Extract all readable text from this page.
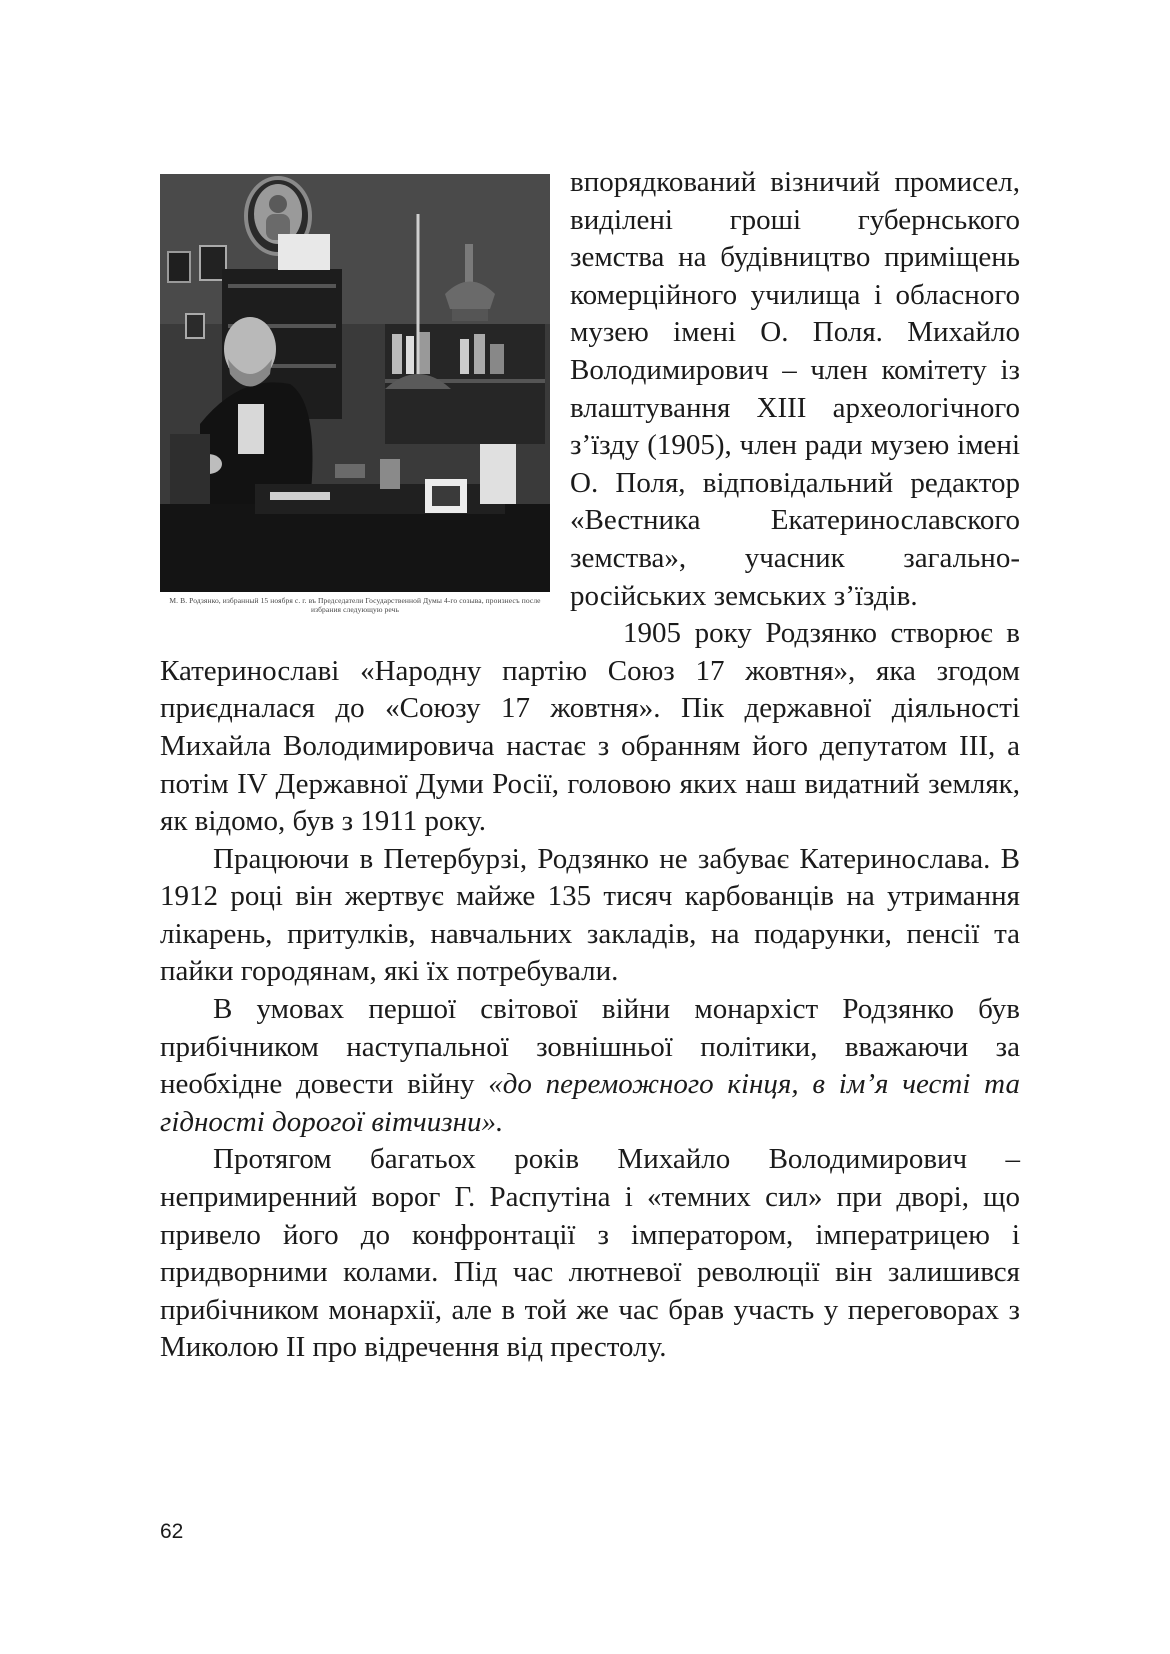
М. В. Родзянко, избранный 15 ноября с. г. въ Председатели Государственной Думы 4-го созыва, произнесъ после избрания следующую речь

впорядкований візничий промисел, виділені гроші губернського земства на будівництво приміщень комерційного училища і обласного музею імені О. Поля. Михайло Володимирович – член комітету із влаштування XIII археологічного з’їзду (1905), член ради музею імені О. Поля, відповідальний редактор «Вестника Екатеринославского земства», учасник загальноросійських земських з’їздів.

1905 року Родзянко створює в Катеринославі «Народну партію Союз 17 жовтня», яка згодом приєдналася до «Союзу 17 жовтня». Пік державної діяльності Михайла Володимировича настає з обранням його депутатом III, а потім IV Державної Думи Росії, головою яких наш видатний земляк, як відомо, був з 1911 року.

Працюючи в Петербурзі, Родзянко не забуває Катеринослава. В 1912 році він жертвує майже 135 тисяч карбованців на утримання лікарень, притулків, навчальних закладів, на подарунки, пенсії та пайки городянам, які їх потребували.

В умовах першої світової війни монархіст Родзянко був прибічником наступальної зовнішньої політики, вважаючи за необхідне довести війну «до переможного кінця, в ім’я честі та гідності дорогої вітчизни».

Протягом багатьох років Михайло Володимирович – непримиренний ворог Г. Распутіна і «темних сил» при дворі, що привело його до конфронтації з імператором, імператрицею і придворними колами. Під час лютневої революції він залишився прибічником монархії, але в той же час брав участь у переговорах з Миколою II про відречення від престолу.

62
